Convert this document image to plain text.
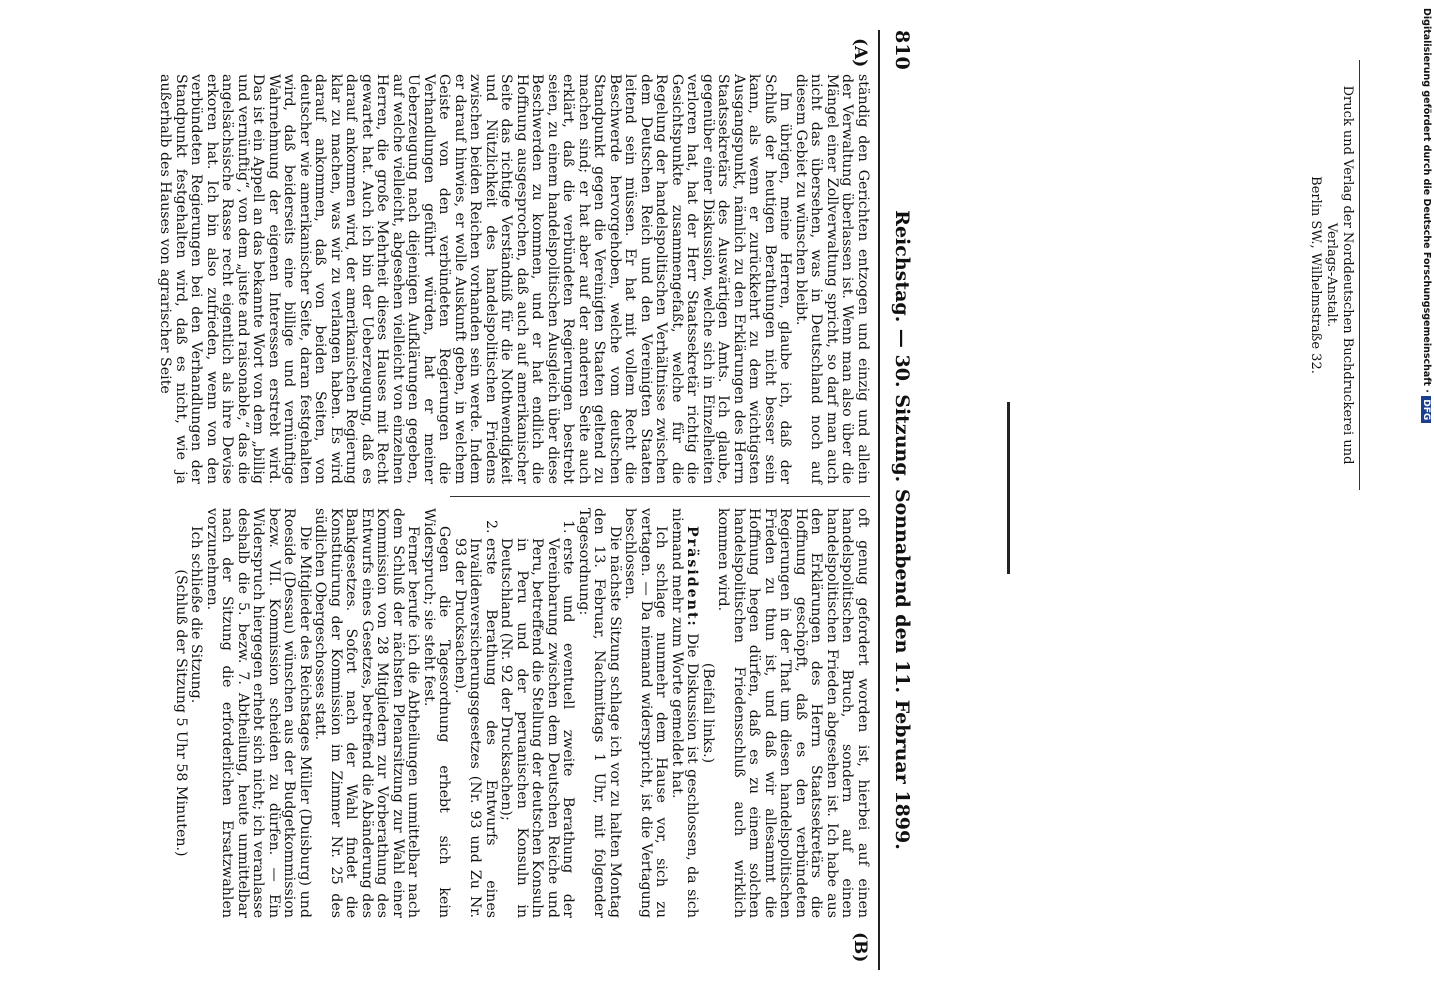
810
Reichstag. — 30. Sitzung. Sonnabend den 11. Februar 1899.
(A)

ständig den Gerichten entzogen und einzig und allein der Verwaltung überlassen ist. Wenn man also über die Mängel einer Zollverwaltung spricht, so darf man auch nicht das übersehen, was in Deutschland noch auf diesem Gebiet zu wünschen bleibt.

Im übrigen, meine Herren, glaube ich, daß der Schluß der heutigen Berathungen nicht besser sein kann, als wenn er zurückkehrt zu dem wichtigsten Ausgangspunkt, nämlich zu den Erklärungen des Herrn Staatssekretärs des Auswärtigen Amts. Ich glaube, gegenüber einer Diskussion, welche sich in Einzelheiten verloren hat, hat der Herr Staatssekretär richtig die Gesichtspunkte zusammengefaßt, welche für die Regelung der handelspolitischen Verhältnisse zwischen dem Deutschen Reich und den Vereinigten Staaten leitend sein müssen. Er hat mit vollem Recht die Beschwerde hervorgehoben, welche vom deutschen Standpunkt gegen die Vereinigten Staaten geltend zu machen sind; er hat aber auf der anderen Seite auch erklärt, daß die verbündeten Regierungen bestrebt seien, zu einem handelspolitischen Ausgleich über diese Beschwerden zu kommen, und er hat endlich die Hoffnung ausgesprochen, daß auch auf amerikanischer Seite das richtige Verständniß für die Nothwendigkeit und Nützlichkeit des handelspolitischen Friedens zwischen beiden Reichen vorhanden sein werde. Indem er darauf hinwies, er wolle Auskunft geben, in welchem Geiste von den verbündeten Regierungen die Verhandlungen geführt würden, hat er meiner Ueberzeugung nach diejenigen Aufklärungen gegeben, auf welche vielleicht, abgesehen vielleicht von einzelnen Herren, die große Mehrheit dieses Hauses mit Recht gewartet hat. Auch ich bin der Ueberzeugung, daß es darauf ankommen wird, der amerikanischen Regierung klar zu machen, was wir zu verlangen haben. Es wird darauf ankommen, daß von beiden Seiten, von deutscher wie amerikanischer Seite, daran festgehalten wird, daß beiderseits eine billige und vernünftige Wahrnehmung der eigenen Interessen erstrebt wird. Das ist ein Appell an das bekannte Wort von dem „billig und vernünftig“, von dem „juste and raisonable,“ das die angelsächsische Rasse recht eigentlich als ihre Devise erkoren hat. Ich bin also zufrieden, wenn von den verbündeten Regierungen bei den Verhandlungen der Standpunkt festgehalten wird, daß es nicht, wie ja außerhalb des Hauses von agrarischer Seite

oft genug gefordert worden ist, hierbei auf einen handelspolitischen Bruch, sondern auf einen handelspolitischen Frieden abgesehen ist. Ich habe aus den Erklärungen des Herrn Staatssekretärs die Hoffnung geschöpft, daß es den verbündeten Regierungen in der That um diesen handelspolitischen Frieden zu thun ist, und daß wir allesammt die Hoffnung hegen dürfen, daß es zu einem solchen handelspolitischen Friedensschluß auch wirklich kommen wird.

(Beifall links.)

Präsident: Die Diskussion ist geschlossen, da sich niemand mehr zum Worte gemeldet hat.

Ich schlage nunmehr dem Hause vor, sich zu vertagen. — Da niemand widerspricht, ist die Vertagung beschlossen.

Die nächste Sitzung schlage ich vor zu halten Montag den 13. Februar, Nachmittags 1 Uhr, mit folgender Tagesordnung:

1. erste und eventuell zweite Berathung der Vereinbarung zwischen dem Deutschen Reiche und Peru, betreffend die Stellung der deutschen Konsuln in Peru und der peruanischen Konsuln in Deutschland (Nr. 92 der Drucksachen);
2. erste Berathung des Entwurfs eines Invalidenversicherungsgesetzes (Nr. 93 und Zu Nr. 93 der Drucksachen).

Gegen die Tagesordnung erhebt sich kein Widerspruch; sie steht fest.

Ferner berufe ich die Abtheilungen unmittelbar nach dem Schluß der nächsten Plenarsitzung zur Wahl einer Kommission von 28 Mitgliedern zur Vorberathung des Entwurfs eines Gesetzes, betreffend die Abänderung des Bankgesetzes. Sofort nach der Wahl findet die Konstituirung der Kommission im Zimmer Nr. 25 des südlichen Obergeschosses statt.

Die Mitglieder des Reichstages Müller (Duisburg) und Roeside (Dessau) wünschen aus der Budgetkommission bezw. VII. Kommission scheiden zu dürfen. — Ein Widerspruch hiergegen erhebt sich nicht; ich veranlasse deshalb die 5. bezw. 7. Abtheilung, heute unmittelbar nach der Sitzung die erforderlichen Ersatzwahlen vorzunehmen.

Ich schließe die Sitzung.

(Schluß der Sitzung 5 Uhr 58 Minuten.)

(B)
Druck und Verlag der Norddeutschen Buchdruckerei und Verlags-Anstalt.
Berlin SW., Wilhelmstraße 32.	Digitalisierung gefördert durch die Deutsche Forschungsgemeinschaft · DFG
